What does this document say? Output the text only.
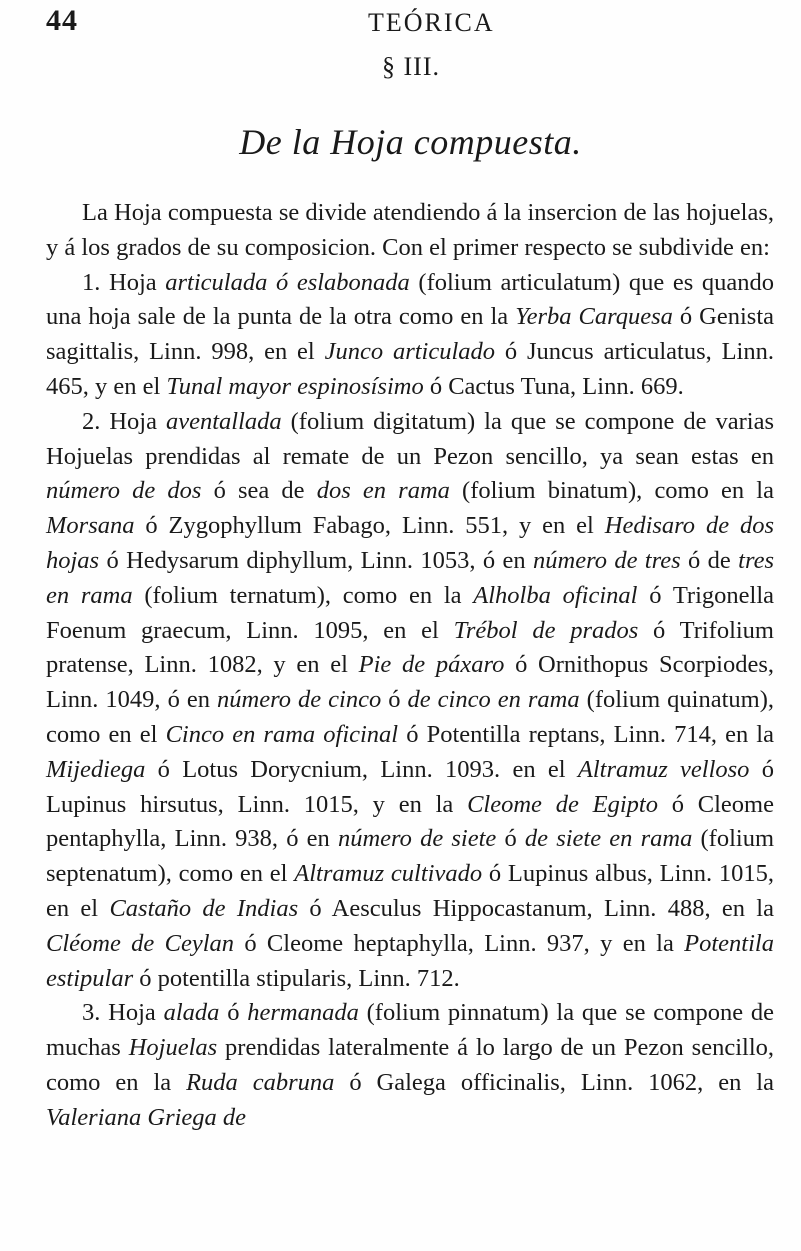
44	TEÓRICA
§ III.
De la Hoja compuesta.

La Hoja compuesta se divide atendiendo á la insercion de las hojuelas, y á los grados de su composicion. Con el primer respecto se subdivide en:

1. Hoja articulada ó eslabonada (folium articulatum) que es quando una hoja sale de la punta de la otra como en la Yerba Carquesa ó Genista sagittalis, Linn. 998, en el Junco articulado ó Juncus articulatus, Linn. 465, y en el Tunal mayor espinosísimo ó Cactus Tuna, Linn. 669.

2. Hoja aventallada (folium digitatum) la que se compone de varias Hojuelas prendidas al remate de un Pezon sencillo, ya sean estas en número de dos ó sea de dos en rama (folium binatum), como en la Morsana ó Zygophyllum Fabago, Linn. 551, y en el Hedisaro de dos hojas ó Hedysarum diphyllum, Linn. 1053, ó en número de tres ó de tres en rama (folium ternatum), como en la Alholba oficinal ó Trigonella Foenum graecum, Linn. 1095, en el Trébol de prados ó Trifolium pratense, Linn. 1082, y en el Pie de páxaro ó Ornithopus Scorpiodes, Linn. 1049, ó en número de cinco ó de cinco en rama (folium quinatum), como en el Cinco en rama oficinal ó Potentilla reptans, Linn. 714, en la Mijediega ó Lotus Dorycnium, Linn. 1093. en el Altramuz velloso ó Lupinus hirsutus, Linn. 1015, y en la Cleome de Egipto ó Cleome pentaphylla, Linn. 938, ó en número de siete ó de siete en rama (folium septenatum), como en el Altramuz cultivado ó Lupinus albus, Linn. 1015, en el Castaño de Indias ó Aesculus Hippocastanum, Linn. 488, en la Cléome de Ceylan ó Cleome heptaphylla, Linn. 937, y en la Potentila estipular ó potentilla stipularis, Linn. 712.

3. Hoja alada ó hermanada (folium pinnatum) la que se compone de muchas Hojuelas prendidas lateralmente á lo largo de un Pezon sencillo, como en la Ruda cabruna ó Galega officinalis, Linn. 1062, en la Valeriana Griega de
